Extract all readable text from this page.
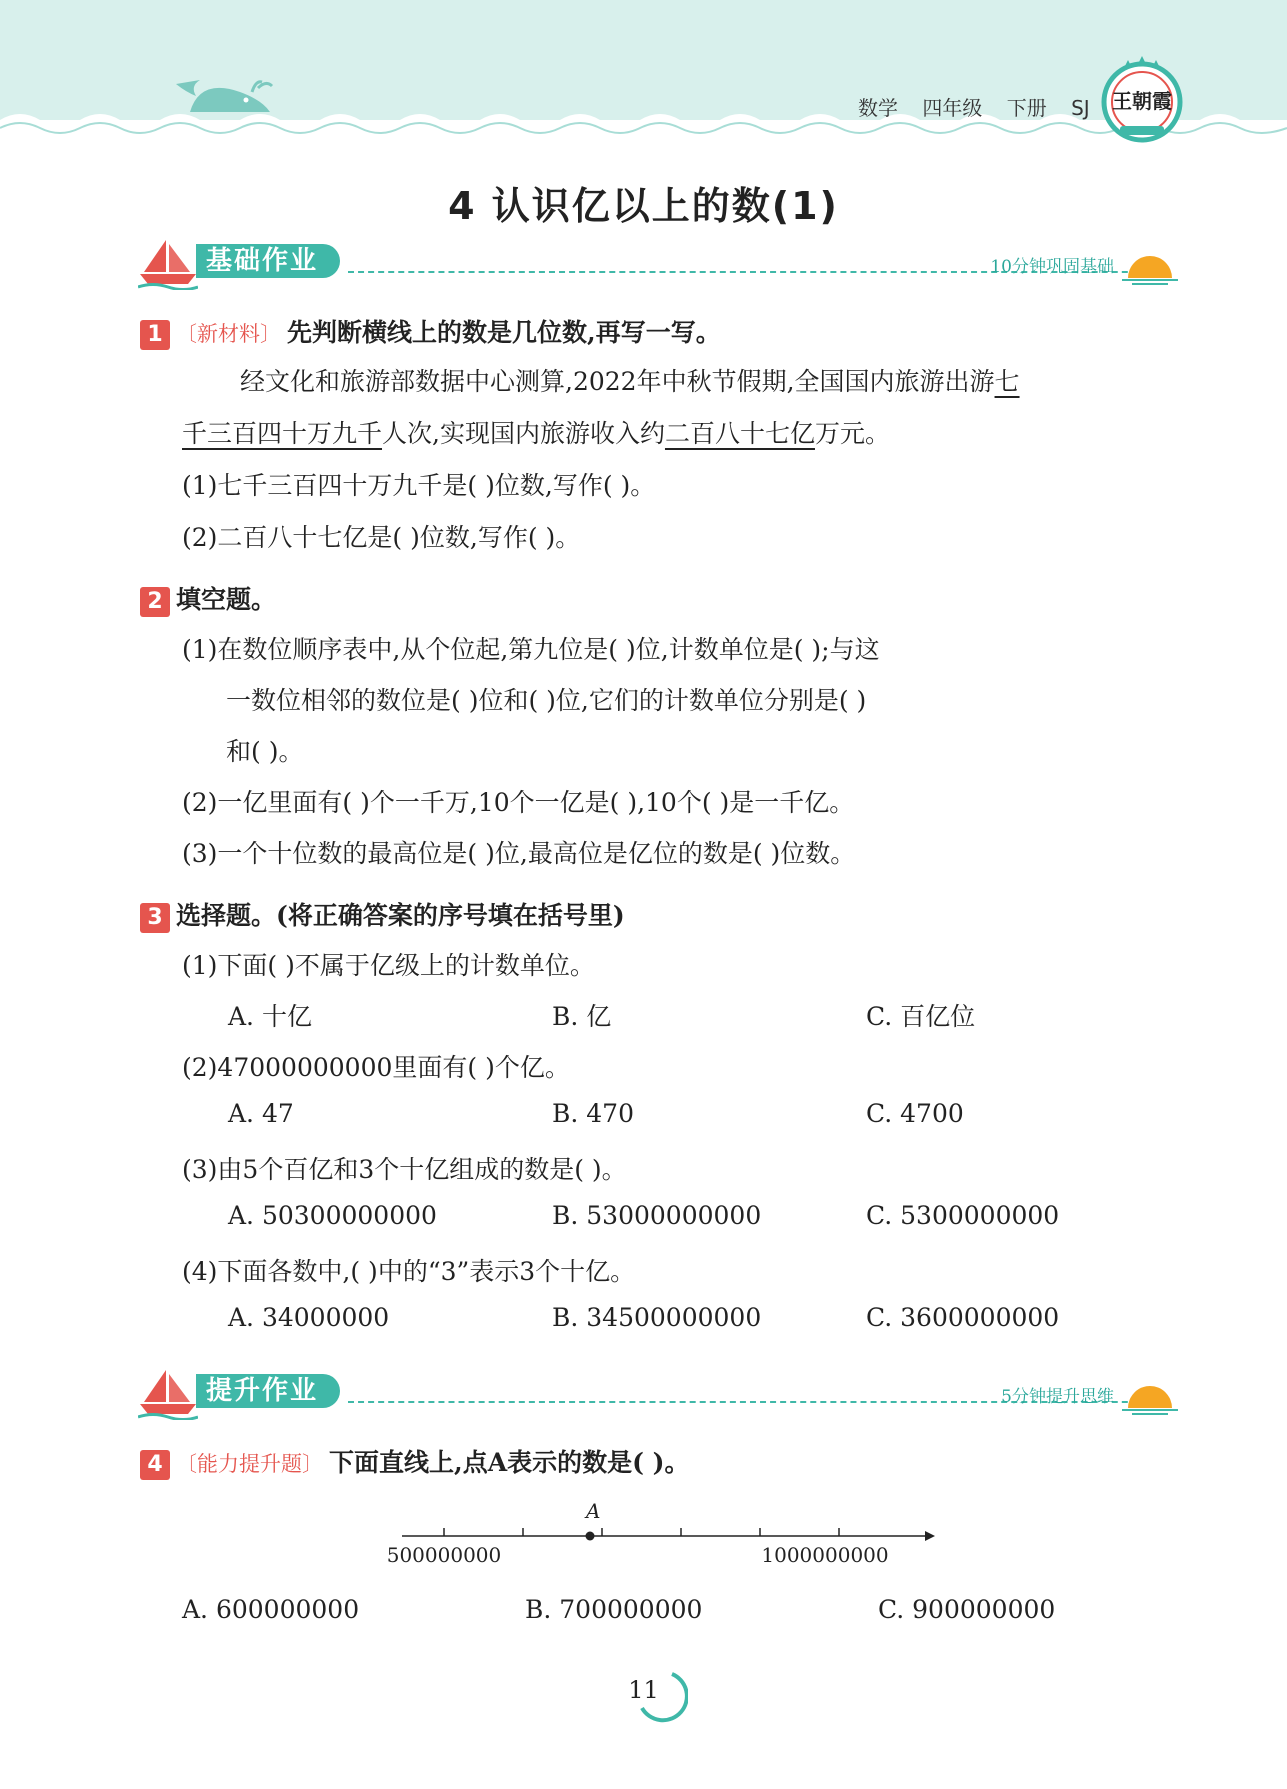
数学 四年级 下册 SJ	王朝霞
4 认识亿以上的数(1)
基础作业	10分钟巩固基础
1 〔新材料〕 先判断横线上的数是几位数,再写一写。
经文化和旅游部数据中心测算,2022年中秋节假期,全国国内旅游出游七
千三百四十万九千人次,实现国内旅游收入约二百八十七亿万元。
(1)七千三百四十万九千是( )位数,写作( )。
(2)二百八十七亿是( )位数,写作( )。
2 填空题。
(1)在数位顺序表中,从个位起,第九位是( )位,计数单位是( );与这
一数位相邻的数位是( )位和( )位,它们的计数单位分别是( )
和( )。
(2)一亿里面有( )个一千万,10个一亿是( ),10个( )是一千亿。
(3)一个十位数的最高位是( )位,最高位是亿位的数是( )位数。
3 选择题。(将正确答案的序号填在括号里)
(1)下面( )不属于亿级上的计数单位。
A. 十亿	B. 亿	C. 百亿位
(2)47000000000里面有( )个亿。
A. 47	B. 470	C. 4700
(3)由5个百亿和3个十亿组成的数是( )。
A. 50300000000	B. 53000000000	C. 5300000000
(4)下面各数中,( )中的“3”表示3个十亿。
A. 34000000	B. 34500000000	C. 3600000000
提升作业	5分钟提升思维
4 〔能力提升题〕 下面直线上,点A表示的数是( )。
A
500000000	1000000000
A. 600000000	B. 700000000	C. 900000000
11
